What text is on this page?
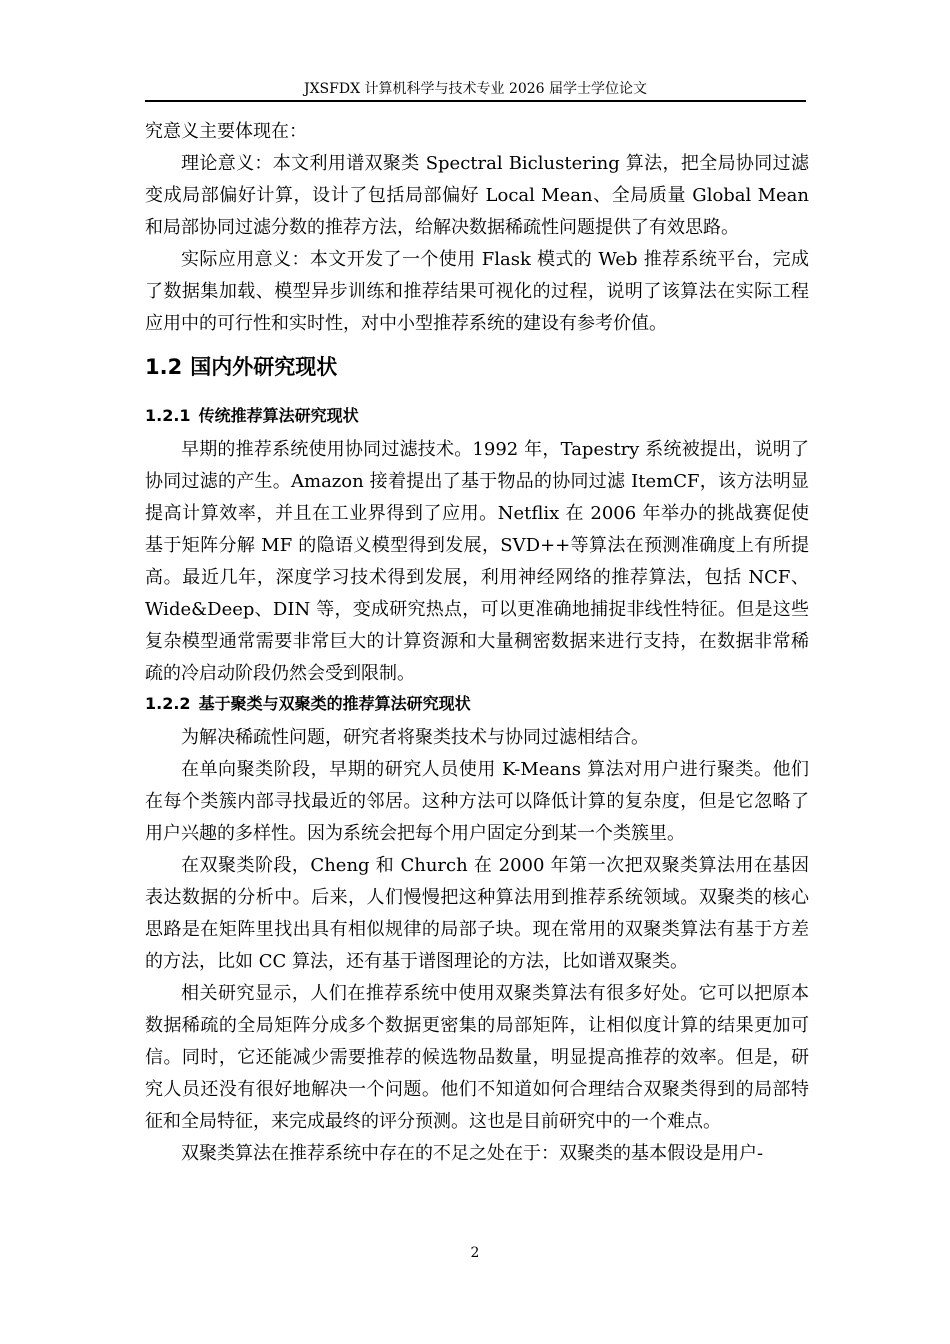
JXSFDX 计算机科学与技术专业 2026 届学士学位论文

究意义主要体现在：

理论意义：本文利用谱双聚类 Spectral Biclustering 算法，把全局协同过滤变成局部偏好计算，设计了包括局部偏好 Local Mean、全局质量 Global Mean 和局部协同过滤分数的推荐方法，给解决数据稀疏性问题提供了有效思路。

实际应用意义：本文开发了一个使用 Flask 模式的 Web 推荐系统平台，完成了数据集加载、模型异步训练和推荐结果可视化的过程，说明了该算法在实际工程应用中的可行性和实时性，对中小型推荐系统的建设有参考价值。

1.2 国内外研究现状
1.2.1 传统推荐算法研究现状

早期的推荐系统使用协同过滤技术。1992 年，Tapestry 系统被提出，说明了协同过滤的产生。Amazon 接着提出了基于物品的协同过滤 ItemCF，该方法明显提高计算效率，并且在工业界得到了应用。Netflix 在 2006 年举办的挑战赛促使基于矩阵分解 MF 的隐语义模型得到发展，SVD++等算法在预测准确度上有所提高。最近几年，深度学习技术得到发展，利用神经网络的推荐算法，包括 NCF、Wide&Deep、DIN 等，变成研究热点，可以更准确地捕捉非线性特征。但是这些复杂模型通常需要非常巨大的计算资源和大量稠密数据来进行支持，在数据非常稀疏的冷启动阶段仍然会受到限制。

1.2.2 基于聚类与双聚类的推荐算法研究现状

为解决稀疏性问题，研究者将聚类技术与协同过滤相结合。

在单向聚类阶段，早期的研究人员使用 K-Means 算法对用户进行聚类。他们在每个类簇内部寻找最近的邻居。这种方法可以降低计算的复杂度，但是它忽略了用户兴趣的多样性。因为系统会把每个用户固定分到某一个类簇里。

在双聚类阶段，Cheng 和 Church 在 2000 年第一次把双聚类算法用在基因表达数据的分析中。后来，人们慢慢把这种算法用到推荐系统领域。双聚类的核心思路是在矩阵里找出具有相似规律的局部子块。现在常用的双聚类算法有基于方差的方法，比如 CC 算法，还有基于谱图理论的方法，比如谱双聚类。

相关研究显示，人们在推荐系统中使用双聚类算法有很多好处。它可以把原本数据稀疏的全局矩阵分成多个数据更密集的局部矩阵，让相似度计算的结果更加可信。同时，它还能减少需要推荐的候选物品数量，明显提高推荐的效率。但是，研究人员还没有很好地解决一个问题。他们不知道如何合理结合双聚类得到的局部特征和全局特征，来完成最终的评分预测。这也是目前研究中的一个难点。

双聚类算法在推荐系统中存在的不足之处在于：双聚类的基本假设是用户-

2
